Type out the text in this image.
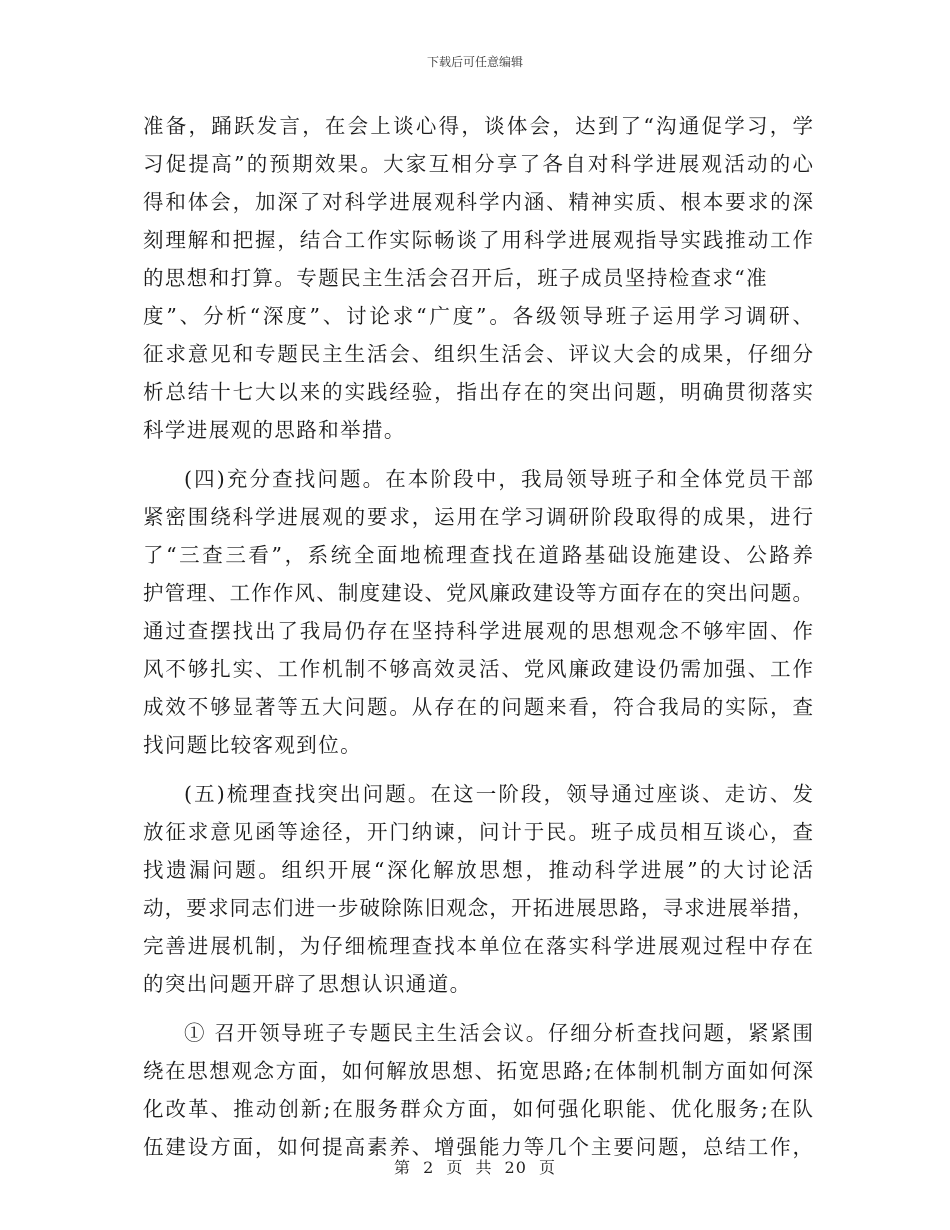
下载后可任意编辑
准备，踊跃发言，在会上谈心得，谈体会，达到了“沟通促学习，学
习促提高”的预期效果。大家互相分享了各自对科学进展观活动的心
得和体会，加深了对科学进展观科学内涵、精神实质、根本要求的深
刻理解和把握，结合工作实际畅谈了用科学进展观指导实践推动工作
的思想和打算。专题民主生活会召开后，班子成员坚持检查求“准
度”、分析“深度”、讨论求“广度”。各级领导班子运用学习调研、
征求意见和专题民主生活会、组织生活会、评议大会的成果，仔细分
析总结十七大以来的实践经验，指出存在的突出问题，明确贯彻落实
科学进展观的思路和举措。
(四)充分查找问题。在本阶段中，我局领导班子和全体党员干部
紧密围绕科学进展观的要求，运用在学习调研阶段取得的成果，进行
了“三查三看”，系统全面地梳理查找在道路基础设施建设、公路养
护管理、工作作风、制度建设、党风廉政建设等方面存在的突出问题。
通过查摆找出了我局仍存在坚持科学进展观的思想观念不够牢固、作
风不够扎实、工作机制不够高效灵活、党风廉政建设仍需加强、工作
成效不够显著等五大问题。从存在的问题来看，符合我局的实际，查
找问题比较客观到位。
(五)梳理查找突出问题。在这一阶段，领导通过座谈、走访、发
放征求意见函等途径，开门纳谏，问计于民。班子成员相互谈心，查
找遗漏问题。组织开展“深化解放思想，推动科学进展”的大讨论活
动，要求同志们进一步破除陈旧观念，开拓进展思路，寻求进展举措，
完善进展机制，为仔细梳理查找本单位在落实科学进展观过程中存在
的突出问题开辟了思想认识通道。
① 召开领导班子专题民主生活会议。仔细分析查找问题，紧紧围
绕在思想观念方面，如何解放思想、拓宽思路;在体制机制方面如何深
化改革、推动创新;在服务群众方面，如何强化职能、优化服务;在队
伍建设方面，如何提高素养、增强能力等几个主要问题，总结工作，
第 2 页 共 20 页
